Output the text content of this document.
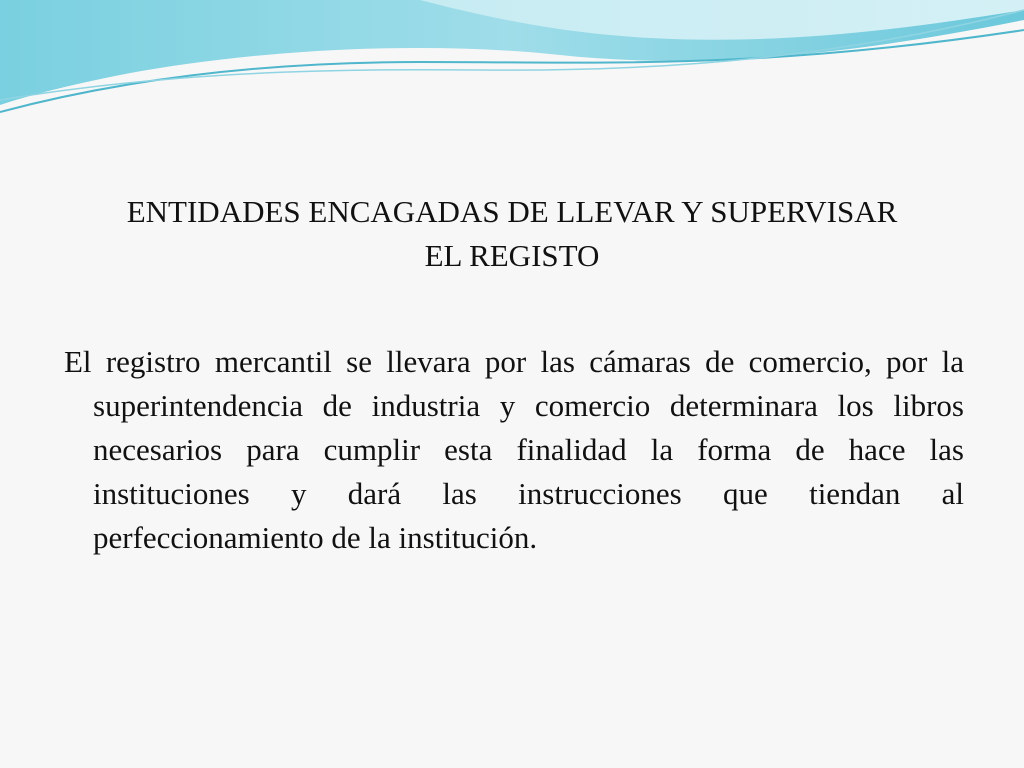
ENTIDADES ENCAGADAS DE LLEVAR Y SUPERVISAR
EL REGISTO
El registro mercantil se llevara por las cámaras de comercio, por la superintendencia de industria y comercio determinara los libros necesarios para cumplir esta finalidad la forma de hace las instituciones y dará las instrucciones que tiendan al perfeccionamiento de la institución.
